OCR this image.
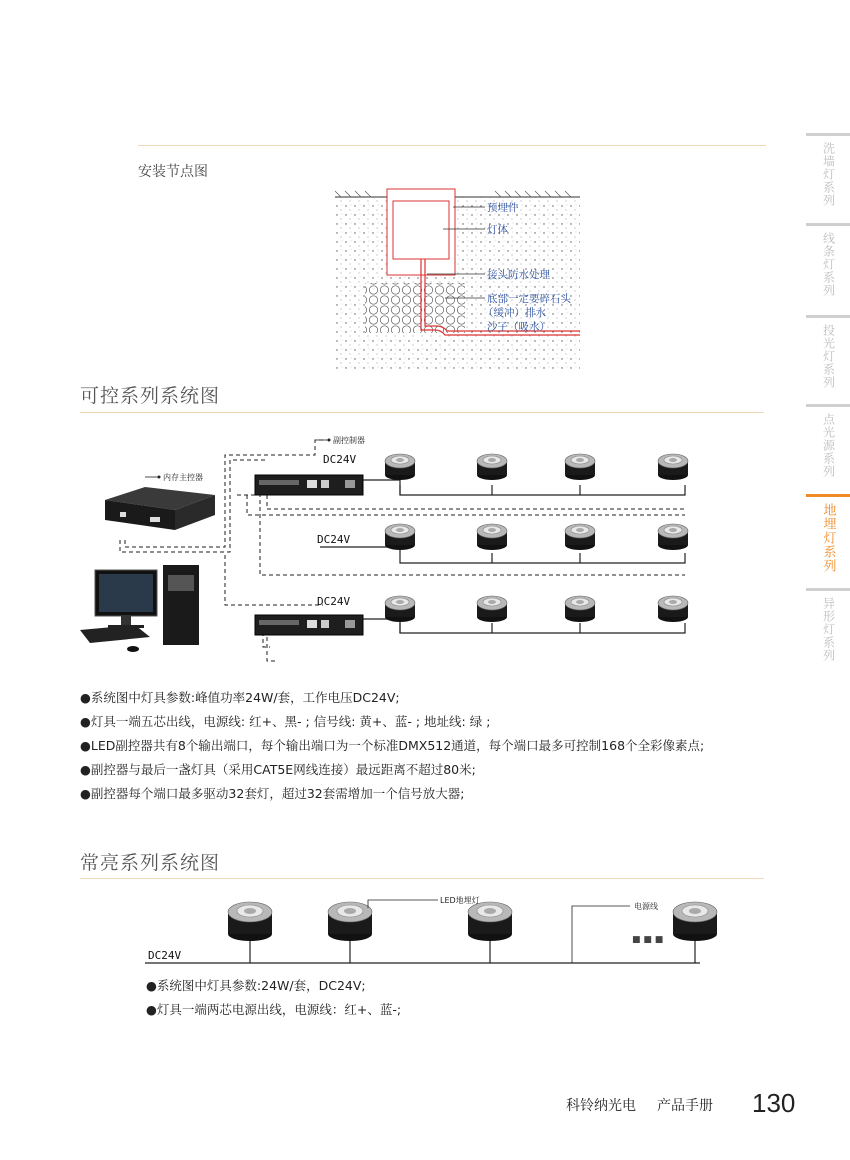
洗墙灯系列
线条灯系列
投光灯系列
点光源系列
地埋灯系列
异形灯系列
安装节点图
预埋件
灯体
接头防水处理
底部一定要碎石头
（缓冲）排水
沙子（吸水）
可控系列系统图
副控制器
内存主控器
DC24V
DC24V
DC24V
●系统图中灯具参数:峰值功率24W/套，工作电压DC24V;
●灯具一端五芯出线，电源线: 红+、黑- ; 信号线: 黄+、蓝- ; 地址线: 绿 ;
●LED副控器共有8个输出端口，每个输出端口为一个标准DMX512通道，每个端口最多可控制168个全彩像素点;
●副控器与最后一盏灯具（采用CAT5E网线连接）最远距离不超过80米;
●副控器每个端口最多驱动32套灯，超过32套需增加一个信号放大器;
常亮系列系统图
LED地埋灯
电源线
■ ■ ■
DC24V
●系统图中灯具参数:24W/套，DC24V;
●灯具一端两芯电源出线，电源线：红+、蓝-;
科铃纳光电 产品手册 130
